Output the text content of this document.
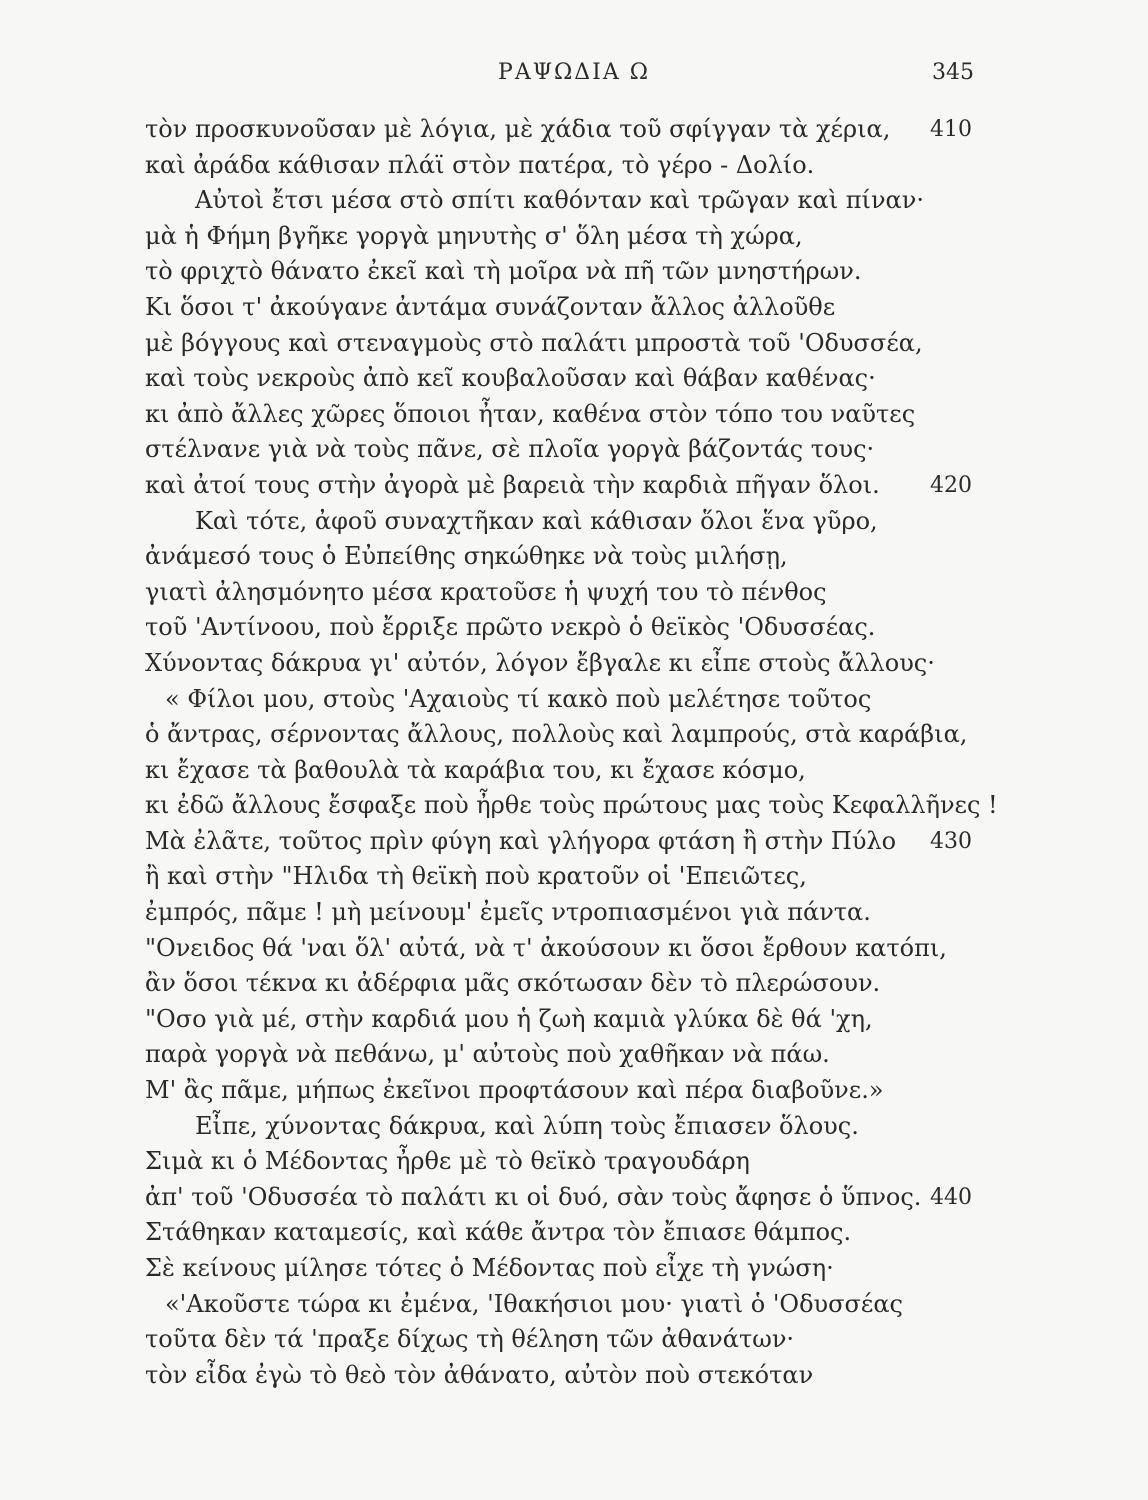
ΡΑΨΩΔΙΑ Ω	345
τὸν προσκυνοῦσαν μὲ λόγια, μὲ χάδια τοῦ σφίγγαν τὰ χέρια, 410
καὶ ἀράδα κάθισαν πλάϊ στὸν πατέρα, τὸ γέρο - Δολίο.
Αὐτοὶ ἔτσι μέσα στὸ σπίτι καθόνταν καὶ τρῶγαν καὶ πίναν·
μὰ ἡ Φήμη βγῆκε γοργὰ μηνυτὴς σ' ὅλη μέσα τὴ χώρα,
τὸ φριχτὸ θάνατο ἐκεῖ καὶ τὴ μοῖρα νὰ πῆ τῶν μνηστήρων.
Κι ὅσοι τ' ἀκούγανε ἀντάμα συνάζονταν ἄλλος ἀλλοῦθε
μὲ βόγγους καὶ στεναγμοὺς στὸ παλάτι μπροστὰ τοῦ 'Οδυσσέα,
καὶ τοὺς νεκροὺς ἀπὸ κεῖ κουβαλοῦσαν καὶ θάβαν καθένας·
κι ἀπὸ ἄλλες χῶρες ὅποιοι ἦταν, καθένα στὸν τόπο του ναῦτες
στέλνανε γιὰ νὰ τοὺς πᾶνε, σὲ πλοῖα γοργὰ βάζοντάς τους·
καὶ ἀτοί τους στὴν ἀγορὰ μὲ βαρειὰ τὴν καρδιὰ πῆγαν ὅλοι. 420
Καὶ τότε, ἀφοῦ συναχτῆκαν καὶ κάθισαν ὅλοι ἕνα γῦρο,
ἀνάμεσό τους ὁ Εὐπείθης σηκώθηκε νὰ τοὺς μιλήσῃ,
γιατὶ ἀλησμόνητο μέσα κρατοῦσε ἡ ψυχή του τὸ πένθος
τοῦ 'Αντίνοου, ποὺ ἔρριξε πρῶτο νεκρὸ ὁ θεϊκὸς 'Οδυσσέας.
Χύνοντας δάκρυα γι' αὐτόν, λόγον ἔβγαλε κι εἶπε στοὺς ἄλλους·
« Φίλοι μου, στοὺς 'Αχαιοὺς τί κακὸ ποὺ μελέτησε τοῦτος
ὁ ἄντρας, σέρνοντας ἄλλους, πολλοὺς καὶ λαμπρούς, στὰ καράβια,
κι ἔχασε τὰ βαθουλὰ τὰ καράβια του, κι ἔχασε κόσμο,
κι ἐδῶ ἄλλους ἔσφαξε ποὺ ἦρθε τοὺς πρώτους μας τοὺς Κεφαλλῆνες !
Μὰ ἐλᾶτε, τοῦτος πρὶν φύγη καὶ γλήγορα φτάση ἢ στὴν Πύλο 430
ἢ καὶ στὴν "Ηλιδα τὴ θεϊκὴ ποὺ κρατοῦν οἱ 'Επειῶτες,
ἐμπρός, πᾶμε ! μὴ μείνουμ' ἐμεῖς ντροπιασμένοι γιὰ πάντα.
"Ονειδος θά 'ναι ὅλ' αὐτά, νὰ τ' ἀκούσουν κι ὅσοι ἔρθουν κατόπι,
ἂν ὅσοι τέκνα κι ἀδέρφια μᾶς σκότωσαν δὲν τὸ πλερώσουν.
"Οσο γιὰ μέ, στὴν καρδιά μου ἡ ζωὴ καμιὰ γλύκα δὲ θά 'χη,
παρὰ γοργὰ νὰ πεθάνω, μ' αὐτοὺς ποὺ χαθῆκαν νὰ πάω.
Μ' ἂς πᾶμε, μήπως ἐκεῖνοι προφτάσουν καὶ πέρα διαβοῦνε.»
Εἶπε, χύνοντας δάκρυα, καὶ λύπη τοὺς ἔπιασεν ὅλους.
Σιμὰ κι ὁ Μέδοντας ἦρθε μὲ τὸ θεϊκὸ τραγουδάρη
ἀπ' τοῦ 'Οδυσσέα τὸ παλάτι κι οἱ δυό, σὰν τοὺς ἄφησε ὁ ὕπνος. 440
Στάθηκαν καταμεσίς, καὶ κάθε ἄντρα τὸν ἔπιασε θάμπος.
Σὲ κείνους μίλησε τότες ὁ Μέδοντας ποὺ εἶχε τὴ γνώση·
«'Ακοῦστε τώρα κι ἐμένα, 'Ιθακήσιοι μου· γιατὶ ὁ 'Οδυσσέας
τοῦτα δὲν τά 'πραξε δίχως τὴ θέληση τῶν ἀθανάτων·
τὸν εἶδα ἐγὼ τὸ θεὸ τὸν ἀθάνατο, αὐτὸν ποὺ στεκόταν
